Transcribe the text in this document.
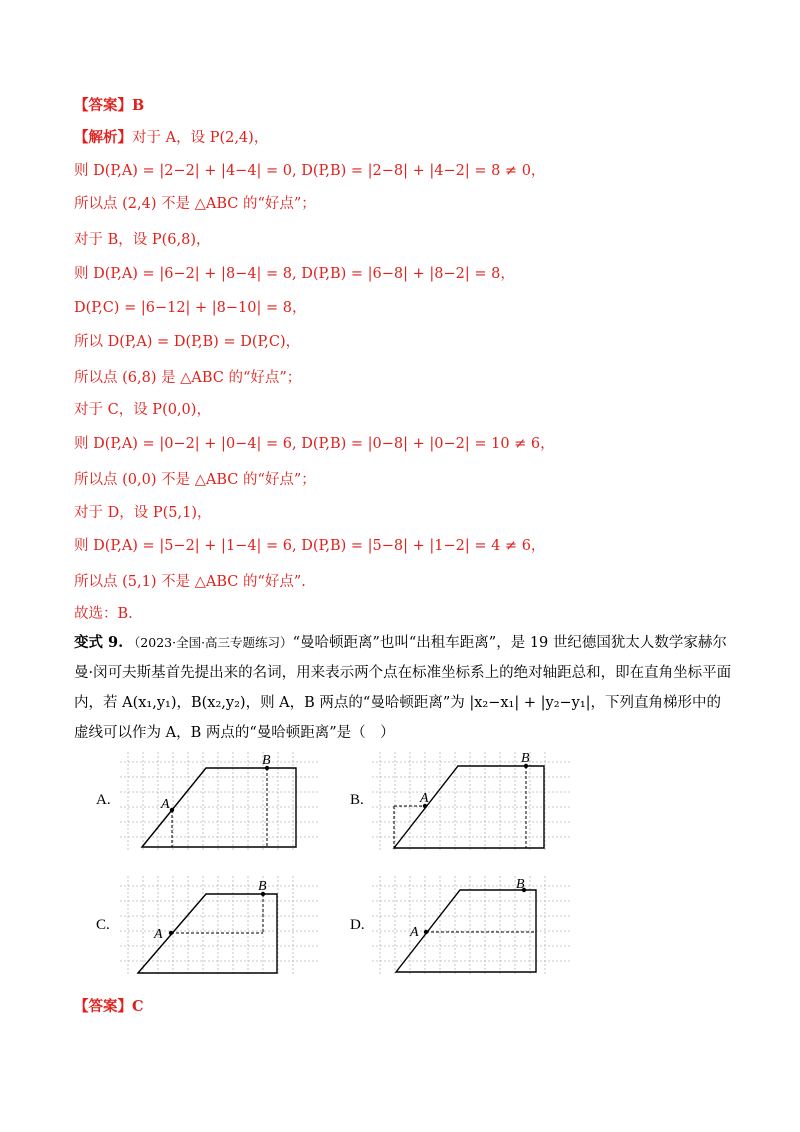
【答案】B
【解析】对于 A，设 P(2,4)，
则 D(P,A) = |2−2| + |4−4| = 0, D(P,B) = |2−8| + |4−2| = 8 ≠ 0，
所以点 (2,4) 不是 △ABC 的“好点”；
对于 B，设 P(6,8)，
则 D(P,A) = |6−2| + |8−4| = 8, D(P,B) = |6−8| + |8−2| = 8，
D(P,C) = |6−12| + |8−10| = 8，
所以 D(P,A) = D(P,B) = D(P,C)，
所以点 (6,8) 是 △ABC 的“好点”；
对于 C，设 P(0,0)，
则 D(P,A) = |0−2| + |0−4| = 6, D(P,B) = |0−8| + |0−2| = 10 ≠ 6，
所以点 (0,0) 不是 △ABC 的“好点”；
对于 D，设 P(5,1)，
则 D(P,A) = |5−2| + |1−4| = 6, D(P,B) = |5−8| + |1−2| = 4 ≠ 6，
所以点 (5,1) 不是 △ABC 的“好点”.
故选：B.
变式 9. （2023·全国·高三专题练习）“曼哈顿距离”也叫“出租车距离”，是 19 世纪德国犹太人数学家赫尔曼·闵可夫斯基首先提出来的名词，用来表示两个点在标准坐标系上的绝对轴距总和，即在直角坐标平面内，若 A(x₁,y₁)，B(x₂,y₂)，则 A，B 两点的“曼哈顿距离”为 |x₂−x₁| + |y₂−y₁|，下列直角梯形中的虚线可以作为 A，B 两点的“曼哈顿距离”是（　）
A.	B.
C.	D.
A
B
A
B
A
B
A
B
【答案】C
